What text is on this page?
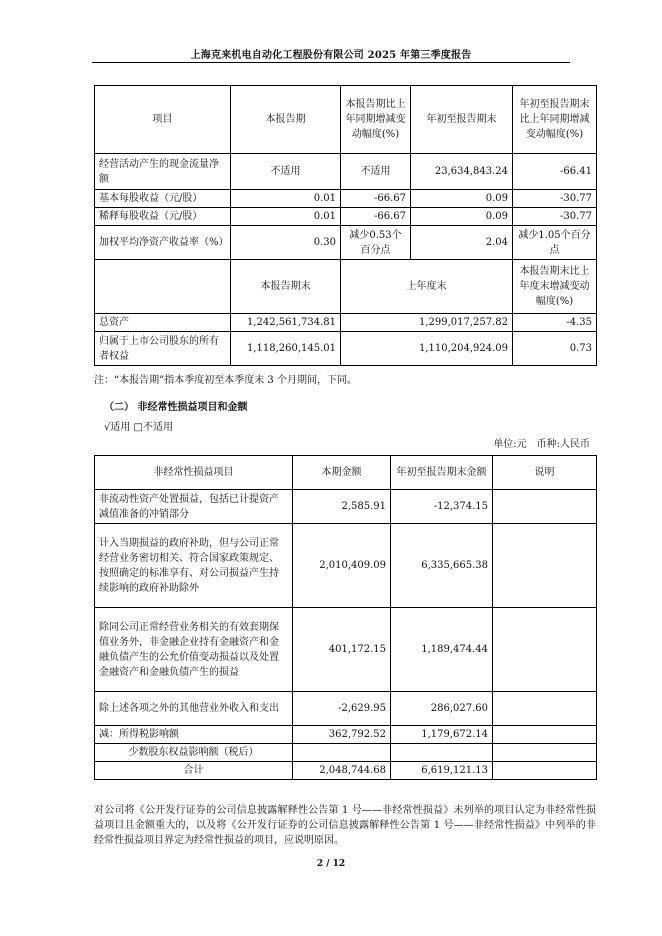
上海克来机电自动化工程股份有限公司 2025 年第三季度报告
项目	本报告期	本报告期比上年同期增减变动幅度(%)	年初至报告期末	年初至报告期末比上年同期增减变动幅度(%)
经营活动产生的现金流量净额	不适用	不适用	23,634,843.24	-66.41
基本每股收益（元/股）	0.01	-66.67	0.09	-30.77
稀释每股收益（元/股）	0.01	-66.67	0.09	-30.77
加权平均净资产收益率（%）	0.30	减少0.53个百分点	2.04	减少1.05个百分点
	本报告期末	上年度末		本报告期末比上年度末增减变动幅度(%)
总资产	1,242,561,734.81	1,299,017,257.82		-4.35
归属于上市公司股东的所有者权益	1,118,260,145.01	1,110,204,924.09		0.73
注：“本报告期”指本季度初至本季度末 3 个月期间，下同。
（二） 非经常性损益项目和金额
√适用 □不适用
单位:元　币种:人民币
非经常性损益项目	本期金额	年初至报告期末金额	说明
非流动性资产处置损益，包括已计提资产减值准备的冲销部分	2,585.91	-12,374.15	
计入当期损益的政府补助，但与公司正常经营业务密切相关、符合国家政策规定、按照确定的标准享有、对公司损益产生持续影响的政府补助除外	2,010,409.09	6,335,665.38	
除同公司正常经营业务相关的有效套期保值业务外，非金融企业持有金融资产和金融负债产生的公允价值变动损益以及处置金融资产和金融负债产生的损益	401,172.15	1,189,474.44	
除上述各项之外的其他营业外收入和支出	-2,629.95	286,027.60	
减：所得税影响额	362,792.52	1,179,672.14	
少数股东权益影响额（税后）			
合计	2,048,744.68	6,619,121.13	
对公司将《公开发行证券的公司信息披露解释性公告第 1 号——非经常性损益》未列举的项目认定为非经常性损益项目且金额重大的，以及将《公开发行证券的公司信息披露解释性公告第 1 号——非经常性损益》中列举的非经常性损益项目界定为经常性损益的项目，应说明原因。
2 / 12
